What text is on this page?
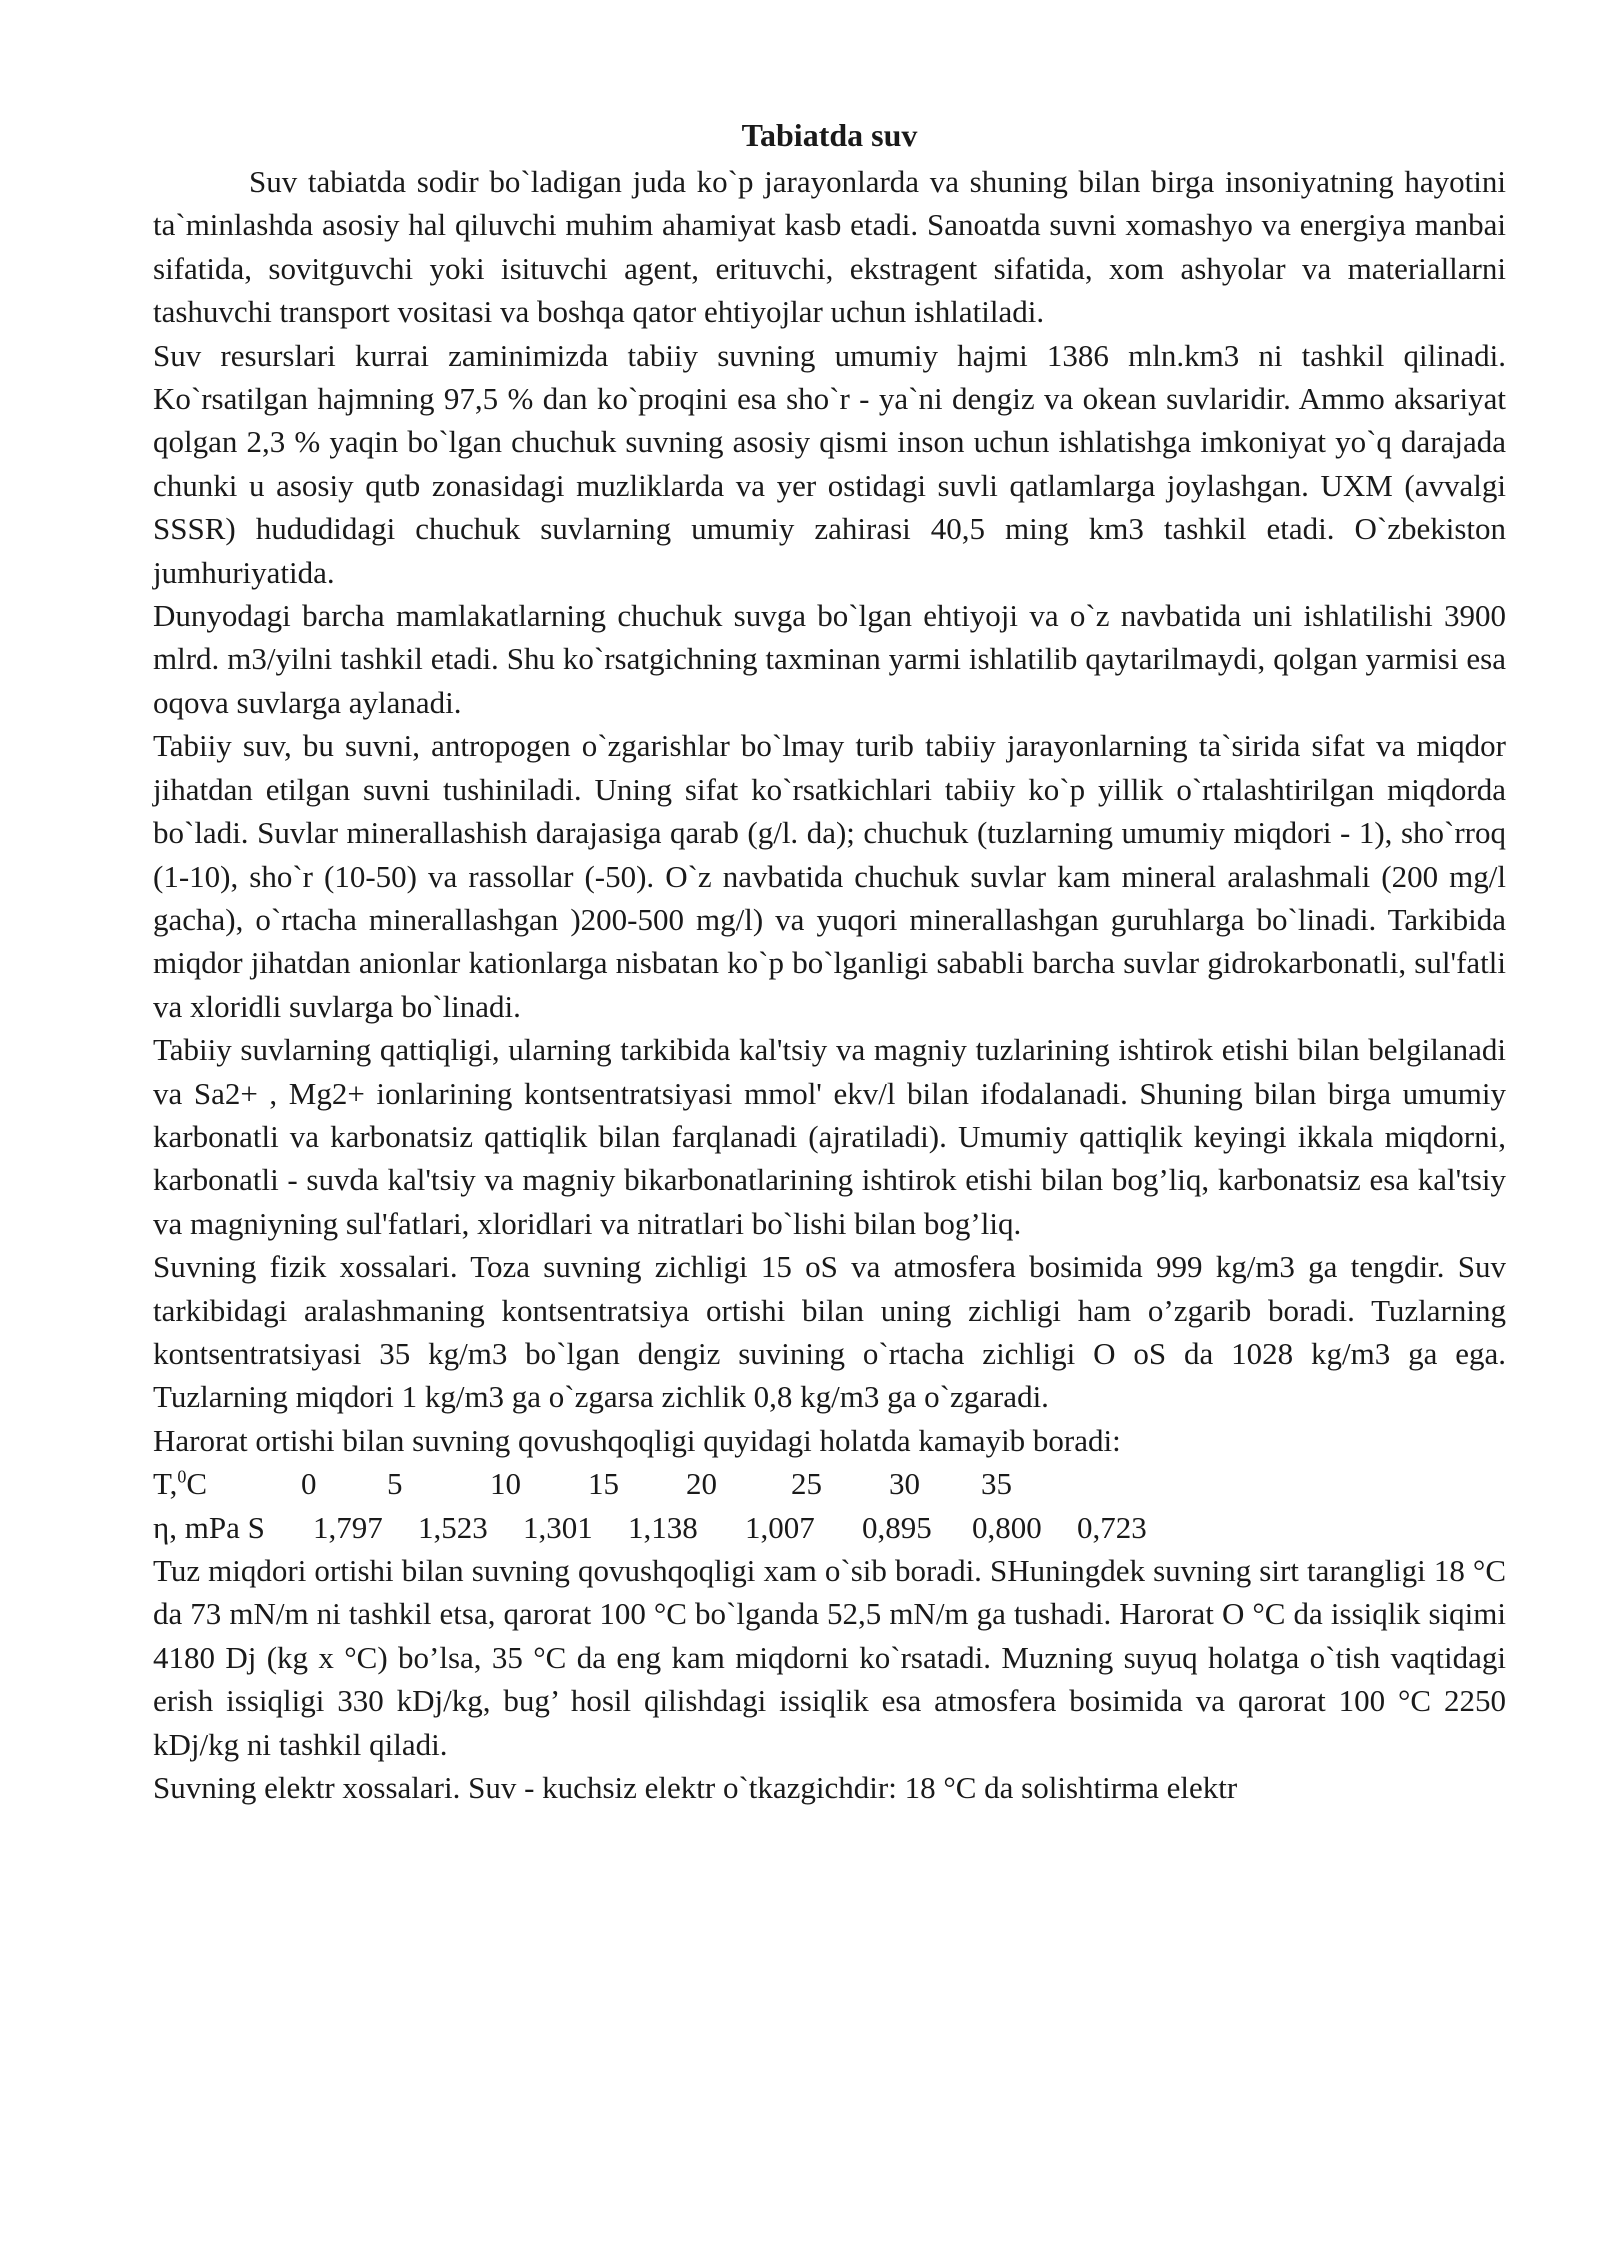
Tabiatda suv

Suv tabiatda sodir bo`ladigan juda ko`p jarayonlarda va shuning bilan birga insoniyatning hayotini ta`minlashda asosiy hal qiluvchi muhim ahamiyat kasb etadi. Sanoatda suvni xomashyo va energiya manbai sifatida, sovitguvchi yoki isituvchi agent, erituvchi, ekstragent sifatida, xom ashyolar va materiallarni tashuvchi transport vositasi va boshqa qator ehtiyojlar uchun ishlatiladi.

Suv resurslari kurrai zaminimizda tabiiy suvning umumiy hajmi 1386 mln.km3 ni tashkil qilinadi. Ko`rsatilgan hajmning 97,5 % dan ko`proqini esa sho`r - ya`ni dengiz va okean suvlaridir. Ammo aksariyat qolgan 2,3 % yaqin bo`lgan chuchuk suvning asosiy qismi inson uchun ishlatishga imkoniyat yo`q darajada chunki u asosiy qutb zonasidagi muzliklarda va yer ostidagi suvli qatlamlarga joylashgan. UXM (avvalgi SSSR) hududidagi chuchuk suvlarning umumiy zahirasi 40,5 ming km3 tashkil etadi. O`zbekiston jumhuriyatida.

Dunyodagi barcha mamlakatlarning chuchuk suvga bo`lgan ehtiyoji va o`z navbatida uni ishlatilishi 3900 mlrd. m3/yilni tashkil etadi. Shu ko`rsatgichning taxminan yarmi ishlatilib qaytarilmaydi, qolgan yarmisi esa oqova suvlarga aylanadi.

Tabiiy suv, bu suvni, antropogen o`zgarishlar bo`lmay turib tabiiy jarayonlarning ta`sirida sifat va miqdor jihatdan etilgan suvni tushiniladi. Uning sifat ko`rsatkichlari tabiiy ko`p yillik o`rtalashtirilgan miqdorda bo`ladi. Suvlar minerallashish darajasiga qarab (g/l. da); chuchuk (tuzlarning umumiy miqdori - 1), sho`rroq (1-10), sho`r (10-50) va rassollar (-50). O`z navbatida chuchuk suvlar kam mineral aralashmali (200 mg/l gacha), o`rtacha minerallashgan )200-500 mg/l) va yuqori minerallashgan guruhlarga bo`linadi. Tarkibida miqdor jihatdan anionlar kationlarga nisbatan ko`p bo`lganligi sababli barcha suvlar gidrokarbonatli, sul'fatli va xloridli suvlarga bo`linadi.

Tabiiy suvlarning qattiqligi, ularning tarkibida kal'tsiy va magniy tuzlarining ishtirok etishi bilan belgilanadi va Sa2+ , Mg2+ ionlarining kontsentratsiyasi mmol' ekv/l bilan ifodalanadi. Shuning bilan birga umumiy karbonatli va karbonatsiz qattiqlik bilan farqlanadi (ajratiladi). Umumiy qattiqlik keyingi ikkala miqdorni, karbonatli - suvda kal'tsiy va magniy bikarbonatlarining ishtirok etishi bilan bog’liq, karbonatsiz esa kal'tsiy va magniyning sul'fatlari, xloridlari va nitratlari bo`lishi bilan bog’liq.

Suvning fizik xossalari. Toza suvning zichligi 15 oS va atmosfera bosimida 999 kg/m3 ga tengdir. Suv tarkibidagi aralashmaning kontsentratsiya ortishi bilan uning zichligi ham o’zgarib boradi. Tuzlarning kontsentratsiyasi 35 kg/m3 bo`lgan dengiz suvining o`rtacha zichligi O oS da 1028 kg/m3 ga ega. Tuzlarning miqdori 1 kg/m3 ga o`zgarsa zichlik 0,8 kg/m3 ga o`zgaradi.

Harorat ortishi bilan suvning qovushqoqligi quyidagi holatda kamayib boradi:

T,$^0$C	0	5	10	15	20	25	30	35
η, mPa S	1,797	1,523	1,301	1,138	1,007	0,895	0,800	0,723

Tuz miqdori ortishi bilan suvning qovushqoqligi xam o`sib boradi. SHuningdek suvning sirt tarangligi 18 °C da 73 mN/m ni tashkil etsa, qarorat 100 °C bo`lganda 52,5 mN/m ga tushadi. Harorat O °C da issiqlik siqimi 4180 Dj (kg x °C) bo’lsa, 35 °C da eng kam miqdorni ko`rsatadi. Muzning suyuq holatga o`tish vaqtidagi erish issiqligi 330 kDj/kg, bug’ hosil qilishdagi issiqlik esa atmosfera bosimida va qarorat 100 °C 2250 kDj/kg ni tashkil qiladi.

Suvning elektr xossalari. Suv - kuchsiz elektr o`tkazgichdir: 18 °C da solishtirma elektr
